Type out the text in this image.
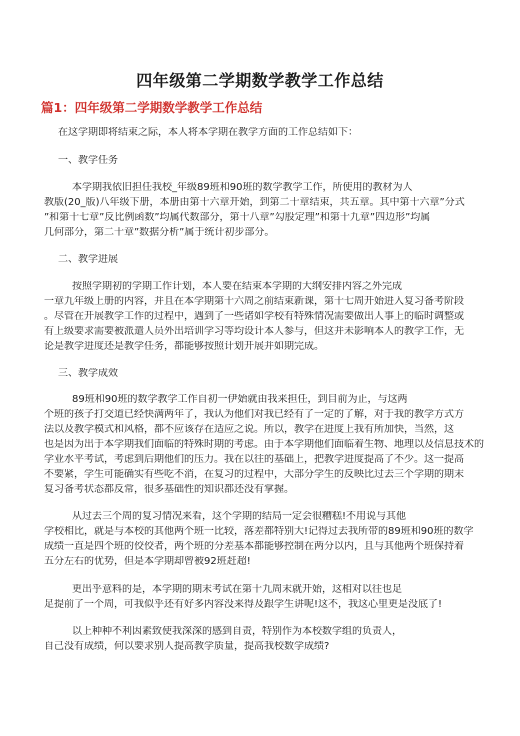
四年级第二学期数学教学工作总结
篇1：四年级第二学期数学教学工作总结
在这学期即将结束之际，本人将本学期在教学方面的工作总结如下：
一、教学任务
本学期我依旧担任我校_年级89班和90班的数学教学工作，所使用的教材为人
教版(20_版)八年级下册，本册由第十六章开始，到第二十章结束，共五章。其中第十六章”分式
”和第十七章”反比例函数”均属代数部分，第十八章”勾股定理”和第十九章”四边形”均属
几何部分，第二十章”数据分析”属于统计初步部分。
二、教学进展
按照学期初的学期工作计划，本人要在结束本学期的大纲安排内容之外完成
一章九年级上册的内容，并且在本学期第十六周之前结束新课，第十七周开始进入复习备考阶段
。尽管在开展教学工作的过程中，遇到了一些诸如学校有特殊情况需要做出人事上的临时调整或
有上级要求需要被派遣人员外出培训学习等均设计本人参与，但这并未影响本人的教学工作，无
论是教学进度还是教学任务，都能够按照计划开展并如期完成。
三、教学成效
89班和90班的数学教学工作自初一伊始就由我来担任，到目前为止，与这两
个班的孩子打交道已经快满两年了，我认为他们对我已经有了一定的了解，对于我的教学方式方
法以及教学模式和风格，都不应该存在适应之说。所以，教学在进度上我有所加快，当然，这
也是因为出于本学期我们面临的特殊时期的考虑。由于本学期他们面临着生物、地理以及信息技术的
学业水平考试，考虑到后期他们的压力。我在以往的基础上，把教学进度提高了不少。这一提高
不要紧，学生可能确实有些吃不消，在复习的过程中，大部分学生的反映比过去三个学期的期末
复习备考状态都反常，很多基础性的知识都还没有掌握。
从过去三个周的复习情况来看，这个学期的结局一定会很糟糕!不用说与其他
学校相比，就是与本校的其他两个班一比较，落差都特别大!记得过去我所带的89班和90班的数学
成绩一直是四个班的佼佼者，两个班的分差基本都能够控制在两分以内，且与其他两个班保持着
五分左右的优势，但是本学期却曾被92班赶超!
更出乎意料的是，本学期的期末考试在第十九周末就开始，这相对以往也足
足提前了一个周，可我似乎还有好多内容没来得及跟学生讲呢!这不，我这心里更是没底了!
以上种种不利因素致使我深深的感到自责，特别作为本校数学组的负责人，
自己没有成绩，何以要求别人提高教学质量，提高我校数学成绩?
